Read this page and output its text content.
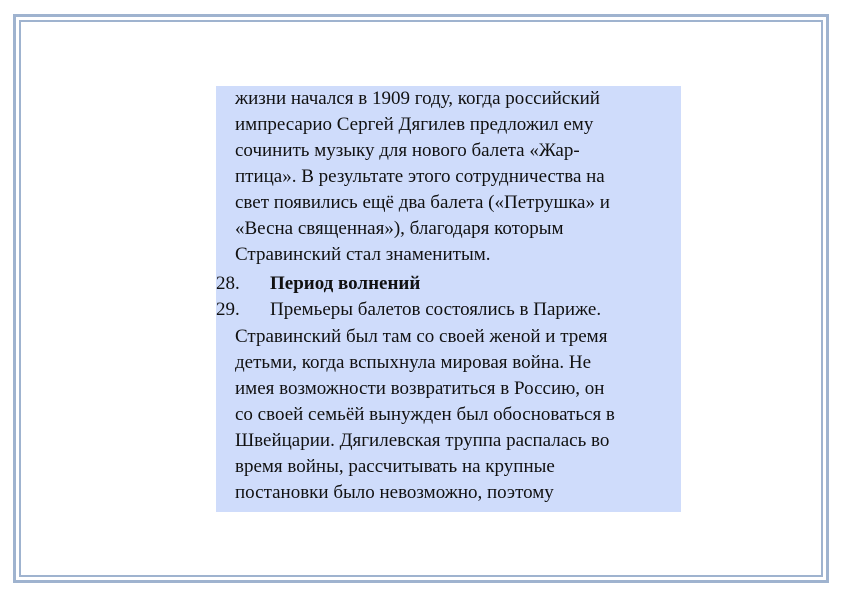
жизни начался в 1909 году, когда российский
импресарио Сергей Дягилев предложил ему
сочинить музыку для нового балета «Жар-
птица». В результате этого сотрудничества на
свет появились ещё два балета («Петрушка» и
«Весна священная»), благодаря которым
Стравинский стал знаменитым.
28. Период волнений
29. Премьеры балетов состоялись в Париже.
Стравинский был там со своей женой и тремя
детьми, когда вспыхнула мировая война. Не
имея возможности возвратиться в Россию, он
со своей семьёй вынужден был обосноваться в
Швейцарии. Дягилевская труппа распалась во
время войны, рассчитывать на крупные
постановки было невозможно, поэтому
